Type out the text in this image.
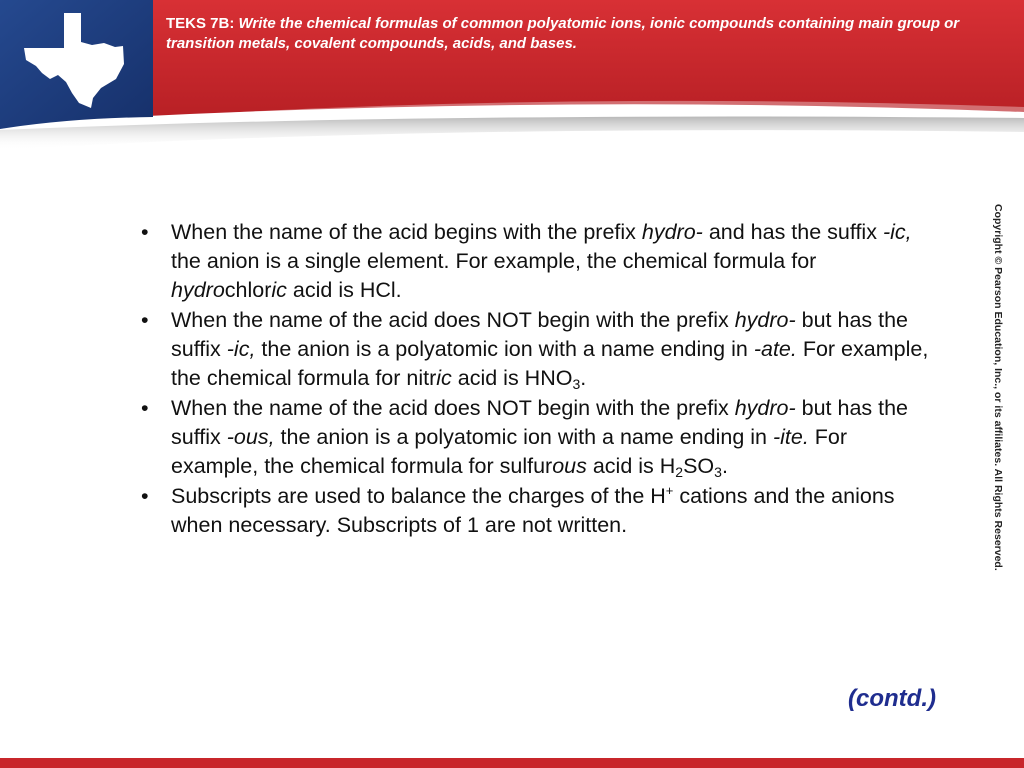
TEKS 7B: Write the chemical formulas of common polyatomic ions, ionic compounds containing main group or transition metals, covalent compounds, acids, and bases.
• When the name of the acid begins with the prefix hydro- and has the suffix -ic, the anion is a single element. For example, the chemical formula for hydrochloric acid is HCl.
• When the name of the acid does NOT begin with the prefix hydro- but has the suffix -ic, the anion is a polyatomic ion with a name ending in -ate. For example, the chemical formula for nitric acid is $HNO_3$.
• When the name of the acid does NOT begin with the prefix hydro- but has the suffix -ous, the anion is a polyatomic ion with a name ending in -ite. For example, the chemical formula for sulfurous acid is $H_2SO_3$.
• Subscripts are used to balance the charges of the H+ cations and the anions when necessary. Subscripts of 1 are not written.	Copyright © Pearson Education, Inc., or its affiliates. All Rights Reserved.
(contd.)
